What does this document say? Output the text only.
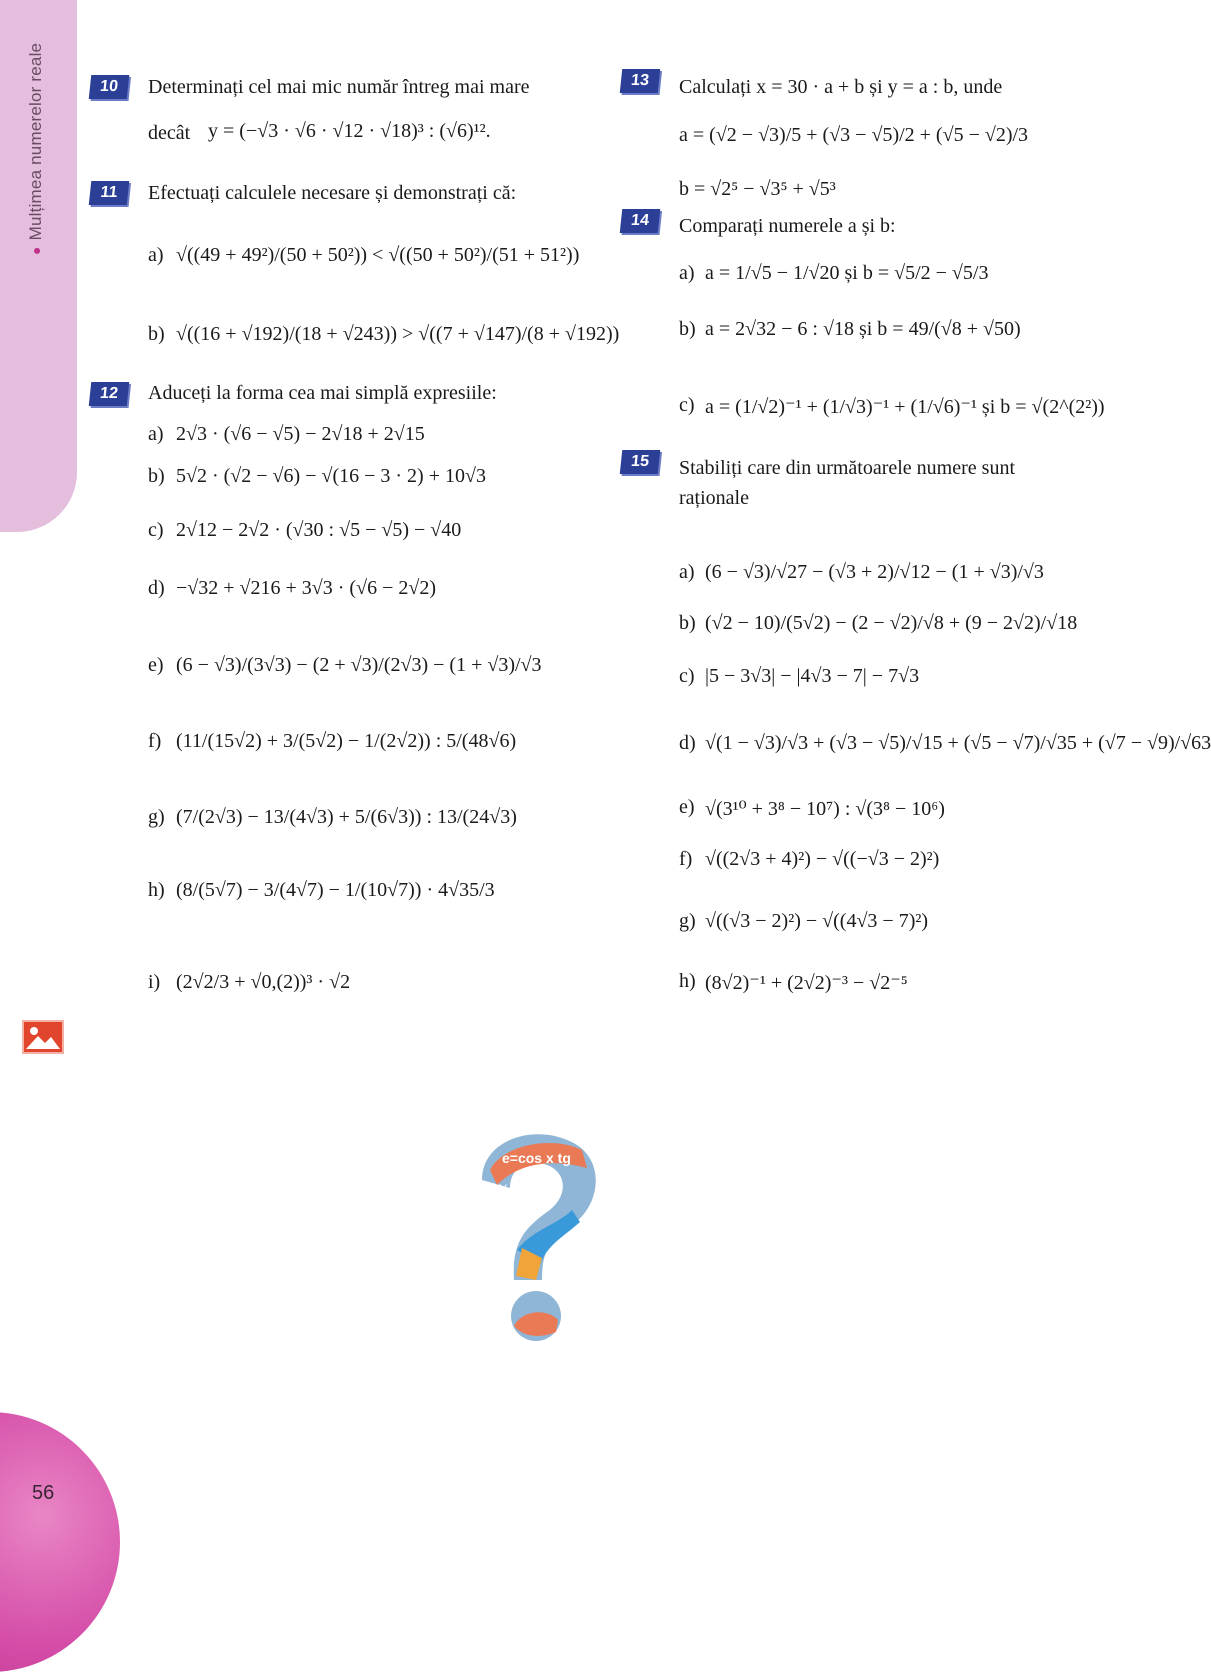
●Mulțimea numerelor reale
56
10	Determinați cel mai mic număr întreg mai mare
decât y = (−√3 · √6 · √12 · √18)³ : (√6)¹².
11	Efectuați calculele necesare și demonstrați că:
a) √((49 + 49²)/(50 + 50²)) < √((50 + 50²)/(51 + 51²))
b) √((16 + √192)/(18 + √243)) > √((7 + √147)/(8 + √192))
12	Aduceți la forma cea mai simplă expresiile:
a) 2√3 · (√6 − √5) − 2√18 + 2√15
b) 5√2 · (√2 − √6) − √(16 − 3 · 2) + 10√3
c) 2√12 − 2√2 · (√30 : √5 − √5) − √40
d) −√32 + √216 + 3√3 · (√6 − 2√2)
e) (6 − √3)/(3√3) − (2 + √3)/(2√3) − (1 + √3)/√3
f) (11/(15√2) + 3/(5√2) − 1/(2√2)) : 5/(48√6)
g) (7/(2√3) − 13/(4√3) + 5/(6√3)) : 13/(24√3)
h) (8/(5√7) − 3/(4√7) − 1/(10√7)) · 4√35/3
i) (2√2/3 + √0,(2))³ · √2
13	Calculați x = 30 · a + b și y = a : b, unde
a = (√2 − √3)/5 + (√3 − √5)/2 + (√5 − √2)/3
b = √2⁵ − √3⁵ + √5³
14	Comparați numerele a și b:
a) a = 1/√5 − 1/√20 și b = √5/2 − √5/3
b) a = 2√32 − 6 : √18 și b = 49/(√8 + √50)
c) a = (1/√2)⁻¹ + (1/√3)⁻¹ + (1/√6)⁻¹ și b = √(2^(2²))
15	Stabiliți care din următoarele numere sunt
raționale
a) (6 − √3)/√27 − (√3 + 2)/√12 − (1 + √3)/√3
b) (√2 − 10)/(5√2) − (2 − √2)/√8 + (9 − 2√2)/√18
c) |5 − 3√3| − |4√3 − 7| − 7√3
d) √(1 − √3)/√3 + (√3 − √5)/√15 + (√5 − √7)/√35 + (√7 − √9)/√63
e) √(3¹⁰ + 3⁸ − 10⁷) : √(3⁸ − 10⁶)
f) √((2√3 + 4)²) − √((−√3 − 2)²)
g) √((√3 − 2)²) − √((4√3 − 7)²)
h) (8√2)⁻¹ + (2√2)⁻³ − √2⁻⁵
e=cos x tg
%
